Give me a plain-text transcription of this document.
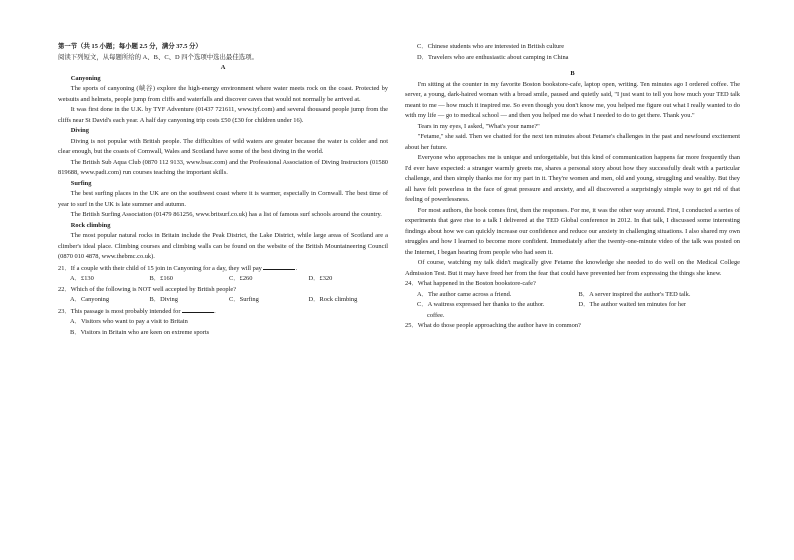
第一节（共 15 小题；每小题 2.5 分，满分 37.5 分）

阅读下列短文，从每题所给的 A、B、C、D 四个选项中选出最佳选项。

A

Canyoning

The sports of canyoning (峡谷) explore the high-energy environment where water meets rock on the coast. Protected by wetsuits and helmets, people jump from cliffs and waterfalls and discover caves that would not normally be arrived at.

It was first done in the U.K. by TYF Adventure (01437 721611, www.tyf.com) and several thousand people jump from the cliffs near St David's each year. A half day canyoning trip costs £50 (£30 for children under 16).

Diving

Diving is not popular with British people. The difficulties of wild waters are greater because the water is colder and not clear enough, but the coasts of Cornwall, Wales and Scotland have some of the best diving in the world.

The British Sub Aqua Club (0870 112 9133, www.bsac.com) and the Professional Association of Diving Instructors (01580 819688, www.padi.com) run courses teaching the important skills.

Surfing

The best surfing places in the UK are on the southwest coast where it is warmer, especially in Cornwall. The best time of year to surf in the UK is late summer and autumn.

The British Surfing Association (01479 861256, www.britsurf.co.uk) has a list of famous surf schools around the country.

Rock climbing

The most popular natural rocks in Britain include the Peak District, the Lake District, while large areas of Scotland are a climber's ideal place. Climbing courses and climbing walls can be found on the website of the British Mountaineering Council (0870 010 4878, www.thebmc.co.uk).

21．If a couple with their child of 15 join in Canyoning for a day, they will pay	.

A．£130	B．£160	C．£260	D．£320

22．Which of the following is NOT well accepted by British people?

A．Canyoning	B．Diving	C．Surfing	D．Rock climbing

23．This passage is most probably intended for	.

A．Visitors who want to pay a visit to Britain

B．Visitors in Britain who are keen on extreme sports

C．Chinese students who are interested in British culture

D．Travelers who are enthusiastic about camping in China

B

I'm sitting at the counter in my favorite Boston bookstore-cafe, laptop open, writing. Ten minutes ago I ordered coffee. The server, a young, dark-haired woman with a broad smile, paused and quietly said, "I just want to tell you how much your TED talk meant to me — how much it inspired me. So even though you don't know me, you helped me figure out what I really wanted to do with my life — go to medical school — and then you helped me do what I needed to do to get there. Thank you."

Tears in my eyes, I asked, "What's your name?"

"Fetame," she said. Then we chatted for the next ten minutes about Fetame's challenges in the past and newfound excitement about her future.

Everyone who approaches me is unique and unforgettable, but this kind of communication happens far more frequently than I'd ever have expected: a stranger warmly greets me, shares a personal story about how they successfully dealt with a particular challenge, and then simply thanks me for my part in it. They're women and men, old and young, struggling and wealthy. But they all have felt powerless in the face of great pressure and anxiety, and all discovered a surprisingly simple way to get rid of that feeling of powerlessness.

For most authors, the book comes first, then the responses. For me, it was the other way around. First, I conducted a series of experiments that gave rise to a talk I delivered at the TED Global conference in 2012. In that talk, I discussed some interesting findings about how we can quickly increase our confidence and reduce our anxiety in challenging situations. I also shared my own struggles and how I learned to become more confident. Immediately after the twenty-one-minute video of the talk was posted on the Internet, I began hearing from people who had seen it.

Of course, watching my talk didn't magically give Fetame the knowledge she needed to do well on the Medical College Admission Test. But it may have freed her from the fear that could have prevented her from expressing the things she knew.

24．What happened in the Boston bookstore-cafe?

A．The author came across a friend.	B．A server inspired the author's TED talk.
C．A waitress expressed her thanks to the author.	D．The author waited ten minutes for her

coffee.

25．What do those people approaching the author have in common?
